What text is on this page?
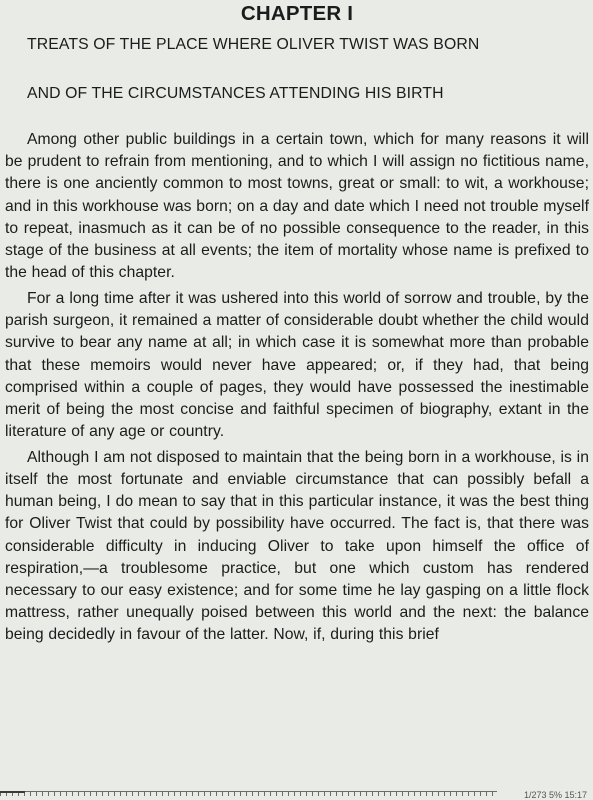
CHAPTER I

TREATS OF THE PLACE WHERE OLIVER TWIST WAS BORN

AND OF THE CIRCUMSTANCES ATTENDING HIS BIRTH

Among other public buildings in a certain town, which for many reasons it will be prudent to refrain from mentioning, and to which I will assign no fictitious name, there is one anciently common to most towns, great or small: to wit, a workhouse; and in this workhouse was born; on a day and date which I need not trouble myself to repeat, inasmuch as it can be of no possible consequence to the reader, in this stage of the business at all events; the item of mortality whose name is prefixed to the head of this chapter.

For a long time after it was ushered into this world of sorrow and trouble, by the parish surgeon, it remained a matter of considerable doubt whether the child would survive to bear any name at all; in which case it is somewhat more than probable that these memoirs would never have appeared; or, if they had, that being comprised within a couple of pages, they would have possessed the inestimable merit of being the most concise and faithful specimen of biography, extant in the literature of any age or country.

Although I am not disposed to maintain that the being born in a workhouse, is in itself the most fortunate and enviable circumstance that can possibly befall a human being, I do mean to say that in this particular instance, it was the best thing for Oliver Twist that could by possibility have occurred. The fact is, that there was considerable difficulty in inducing Oliver to take upon himself the office of respiration,—a troublesome practice, but one which custom has rendered necessary to our easy existence; and for some time he lay gasping on a little flock mattress, rather unequally poised between this world and the next: the balance being decidedly in favour of the latter. Now, if, during this brief

1/273 5% 15:17
